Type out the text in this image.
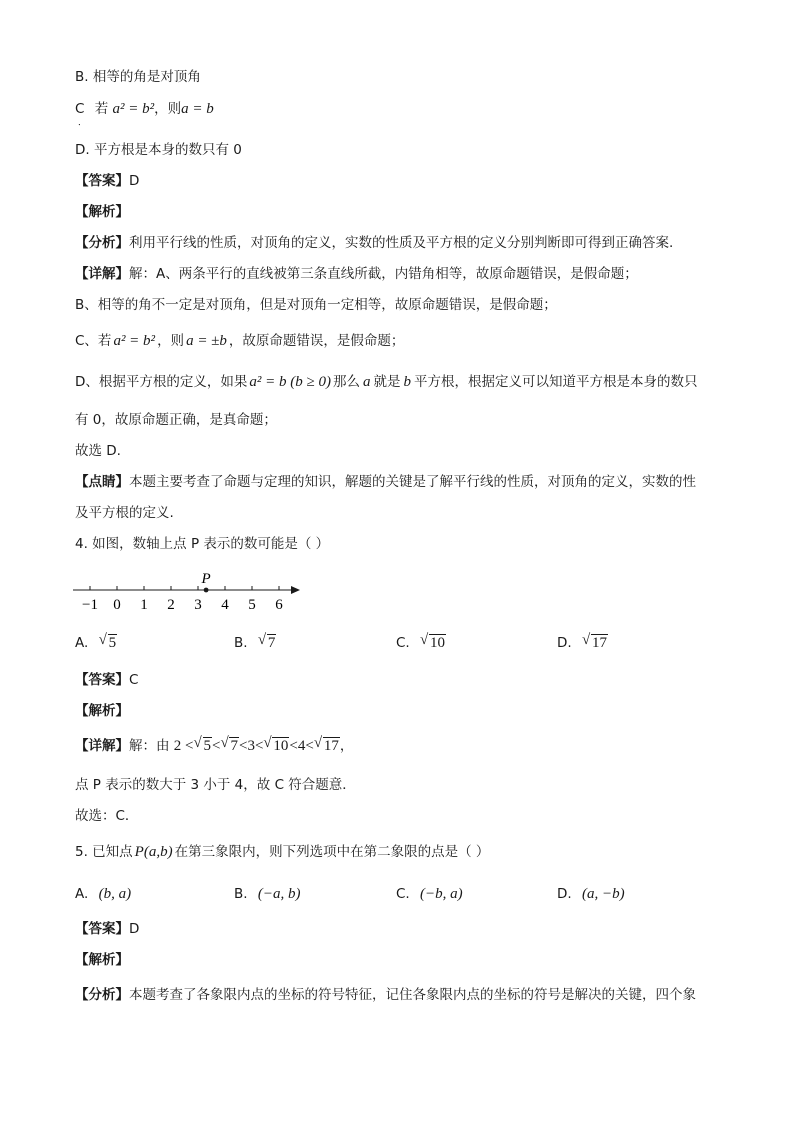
B. 相等的角是对顶角
C 若 a² = b²，则a = b
．
D. 平方根是本身的数只有 0
【答案】D
【解析】
【分析】利用平行线的性质，对顶角的定义，实数的性质及平方根的定义分别判断即可得到正确答案.
【详解】解：A、两条平行的直线被第三条直线所截，内错角相等，故原命题错误，是假命题；
B、相等的角不一定是对顶角，但是对顶角一定相等，故原命题错误，是假命题；
C、若 a² = b² ，则 a = ±b ，故原命题错误，是假命题；
D、根据平方根的定义，如果 a² = b (b ≥ 0) 那么 a 就是 b 平方根，根据定义可以知道平方根是本身的数只
有 0，故原命题正确，是真命题；
故选 D.
【点睛】本题主要考查了命题与定理的知识，解题的关键是了解平行线的性质，对顶角的定义，实数的性
及平方根的定义.
4. 如图，数轴上点 P 表示的数可能是（ ）
−1 0 1 2 3 4 5 6
P
A. √ 5	B. √ 7	C. √ 10	D. √ 17
【答案】C
【解析】
【详解】解：由 2 < √ 5< √ 7<3< √ 10<4< √ 17，
点 P 表示的数大于 3 小于 4，故 C 符合题意．
故选：C．
5. 已知点 P(a,b) 在第三象限内，则下列选项中在第二象限的点是（ ）
A. (b, a)	B. (−a, b)	C. (−b, a)	D. (a, −b)
【答案】D
【解析】
【分析】本题考查了各象限内点的坐标的符号特征，记住各象限内点的坐标的符号是解决的关键，四个象
